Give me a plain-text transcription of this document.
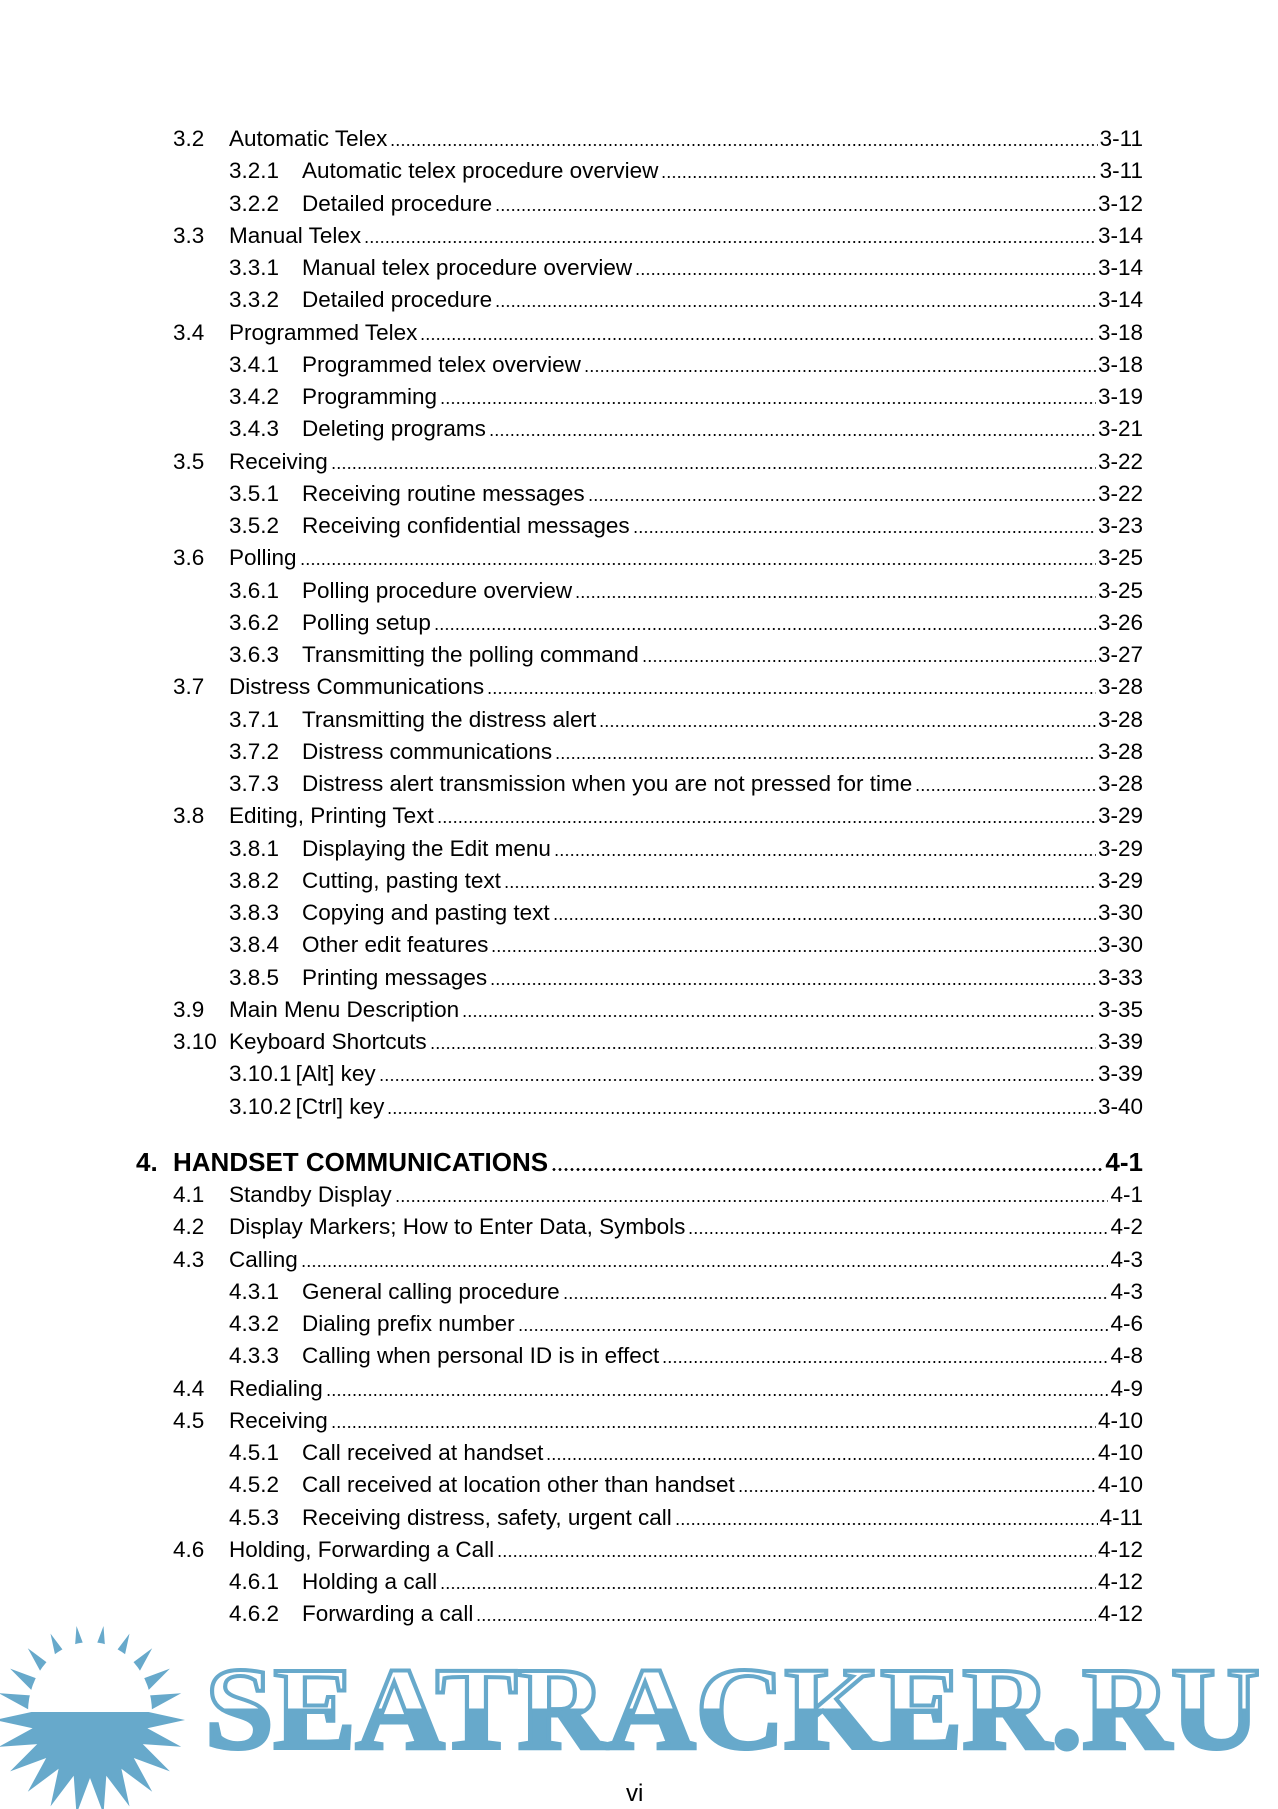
3.2	Automatic Telex	3-11
3.2.1	Automatic telex procedure overview	3-11
3.2.2	Detailed procedure	3-12
3.3	Manual Telex	3-14
3.3.1	Manual telex procedure overview	3-14
3.3.2	Detailed procedure	3-14
3.4	Programmed Telex	3-18
3.4.1	Programmed telex overview	3-18
3.4.2	Programming	3-19
3.4.3	Deleting programs	3-21
3.5	Receiving	3-22
3.5.1	Receiving routine messages	3-22
3.5.2	Receiving confidential messages	3-23
3.6	Polling	3-25
3.6.1	Polling procedure overview	3-25
3.6.2	Polling setup	3-26
3.6.3	Transmitting the polling command	3-27
3.7	Distress Communications	3-28
3.7.1	Transmitting the distress alert	3-28
3.7.2	Distress communications	3-28
3.7.3	Distress alert transmission when you are not pressed for time	3-28
3.8	Editing, Printing Text	3-29
3.8.1	Displaying the Edit menu	3-29
3.8.2	Cutting, pasting text	3-29
3.8.3	Copying and pasting text	3-30
3.8.4	Other edit features	3-30
3.8.5	Printing messages	3-33
3.9	Main Menu Description	3-35
3.10 Keyboard Shortcuts	3-39
3.10.1 [Alt] key	3-39
3.10.2 [Ctrl] key	3-40
4. HANDSET COMMUNICATIONS	4-1
4.1	Standby Display	4-1
4.2	Display Markers; How to Enter Data, Symbols	4-2
4.3	Calling	4-3
4.3.1	General calling procedure	4-3
4.3.2	Dialing prefix number	4-6
4.3.3	Calling when personal ID is in effect	4-8
4.4	Redialing	4-9
4.5	Receiving	4-10
4.5.1	Call received at handset	4-10
4.5.2	Call received at location other than handset	4-10
4.5.3	Receiving distress, safety, urgent call	4-11
4.6	Holding, Forwarding a Call	4-12
4.6.1	Holding a call	4-12
4.6.2	Forwarding a call	4-12
SEATRACKER.RU
vi
